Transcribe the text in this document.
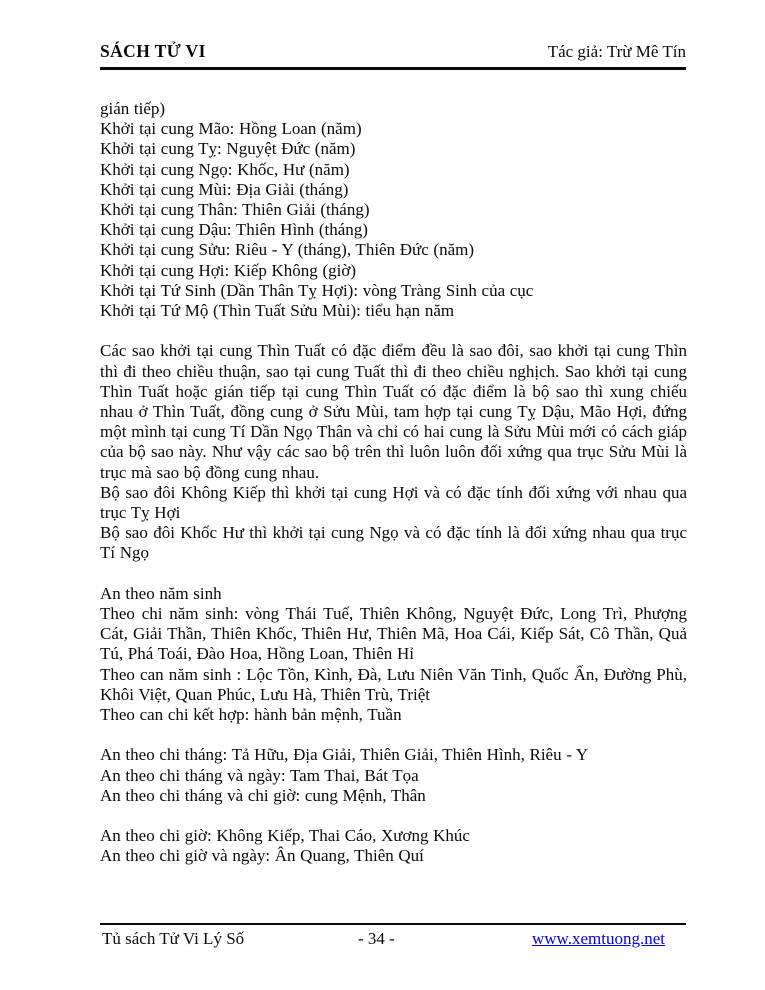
SÁCH TỬ VI	Tác giả: Trừ Mê Tín
gián tiếp)
Khởi tại cung Mão: Hồng Loan (năm)
Khởi tại cung Tỵ: Nguyệt Đức (năm)
Khởi tại cung Ngọ: Khốc, Hư (năm)
Khởi tại cung Mùi: Địa Giải (tháng)
Khởi tại cung Thân: Thiên Giải (tháng)
Khởi tại cung Dậu: Thiên Hình (tháng)
Khởi tại cung Sửu: Riêu - Y (tháng), Thiên Đức (năm)
Khởi tại cung Hợi: Kiếp Không (giờ)
Khởi tại Tứ Sinh (Dần Thân Tỵ Hợi): vòng Tràng Sinh của cục
Khởi tại Tứ Mộ (Thìn Tuất Sửu Mùi): tiểu hạn năm

Các sao khởi tại cung Thìn Tuất có đặc điểm đều là sao đôi, sao khởi tại cung Thìn thì đi theo chiều thuận, sao tại cung Tuất thì đi theo chiều nghịch. Sao khởi tại cung Thìn Tuất hoặc gián tiếp tại cung Thìn Tuất có đặc điểm là bộ sao thì xung chiếu nhau ở Thìn Tuất, đồng cung ở Sửu Mùi, tam hợp tại cung Tỵ Dậu, Mão Hợi, đứng một mình tại cung Tí Dần Ngọ Thân và chỉ có hai cung là Sửu Mùi mới có cách giáp của bộ sao này. Như vậy các sao bộ trên thì luôn luôn đối xứng qua trục Sửu Mùi là trục mà sao bộ đồng cung nhau.
Bộ sao đôi Không Kiếp thì khởi tại cung Hợi và có đặc tính đối xứng với nhau qua trục Tỵ Hợi
Bộ sao đôi Khốc Hư thì khởi tại cung Ngọ và có đặc tính là đối xứng nhau qua trục Tí Ngọ

An theo năm sinh
Theo chi năm sinh: vòng Thái Tuế, Thiên Không, Nguyệt Đức, Long Trì, Phượng Cát, Giải Thần, Thiên Khốc, Thiên Hư, Thiên Mã, Hoa Cái, Kiếp Sát, Cô Thần, Quả Tú, Phá Toái, Đào Hoa, Hồng Loan, Thiên Hỉ
Theo can năm sinh : Lộc Tồn, Kình, Đà, Lưu Niên Văn Tinh, Quốc Ấn, Đường Phù, Khôi Việt, Quan Phúc, Lưu Hà, Thiên Trù, Triệt
Theo can chi kết hợp: hành bản mệnh, Tuần

An theo chi tháng: Tả Hữu, Địa Giải, Thiên Giải, Thiên Hình, Riêu - Y
An theo chi tháng và ngày: Tam Thai, Bát Tọa
An theo chi tháng và chi giờ: cung Mệnh, Thân

An theo chi giờ: Không Kiếp, Thai Cáo, Xương Khúc
An theo chi giờ và ngày: Ân Quang, Thiên Quí
Tủ sách Tử Vi Lý Số	- 34 -	www.xemtuong.net
